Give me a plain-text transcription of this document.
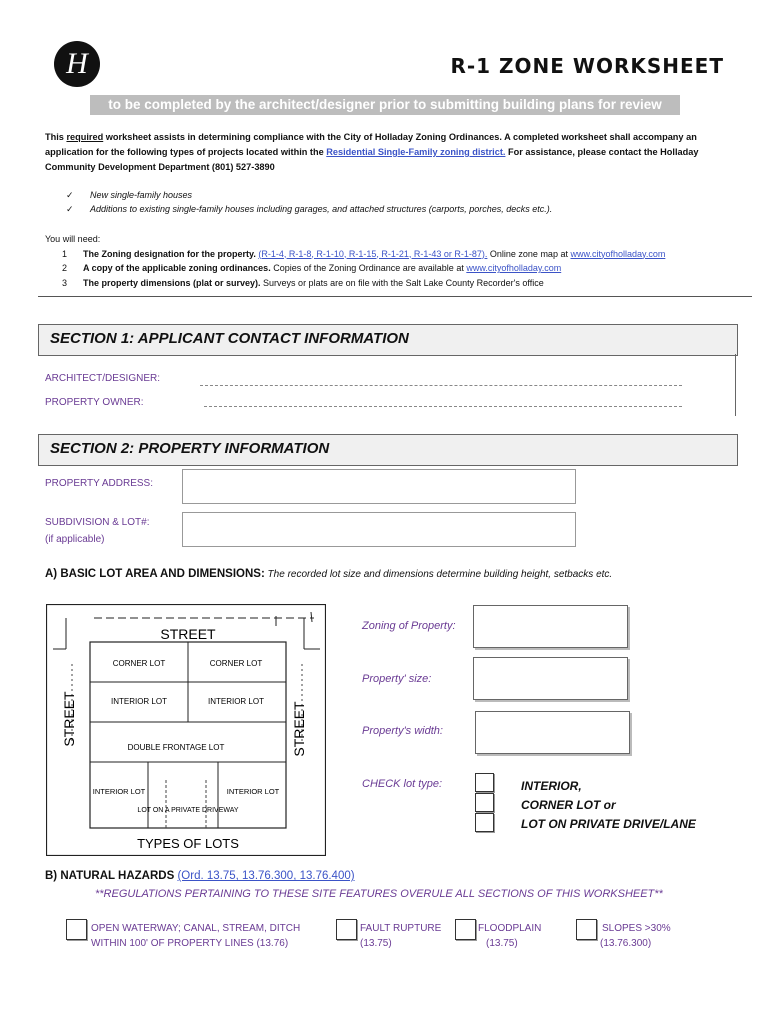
H	R-1 ZONE WORKSHEET
to be completed by the architect/designer prior to submitting building plans for review
This required worksheet assists in determining compliance with the City of Holladay Zoning Ordinances. A completed worksheet shall accompany an application for the following types of projects located within the Residential Single-Family zoning district. For assistance, please contact the Holladay Community Development Department (801) 527-3890
✓ New single-family houses
✓ Additions to existing single-family houses including garages, and attached structures (carports, porches, decks etc.).
You will need:
1 The Zoning designation for the property. (R-1-4, R-1-8, R-1-10, R-1-15, R-1-21, R-1-43 or R-1-87). Online zone map at www.cityofholladay.com
2 A copy of the applicable zoning ordinances. Copies of the Zoning Ordinance are available at www.cityofholladay.com
3 The property dimensions (plat or survey). Surveys or plats are on file with the Salt Lake County Recorder's office
SECTION 1: APPLICANT CONTACT INFORMATION
ARCHITECT/DESIGNER:
PROPERTY OWNER:
SECTION 2: PROPERTY INFORMATION
PROPERTY ADDRESS:
SUBDIVISION & LOT#:
(if applicable)
A) BASIC LOT AREA AND DIMENSIONS: The recorded lot size and dimensions determine building height, setbacks etc.
STREET
STREET	STREET
CORNER LOT	CORNER LOT
INTERIOR LOT	INTERIOR LOT
DOUBLE FRONTAGE LOT
INTERIOR LOT	INTERIOR LOT
LOT ON A PRIVATE DRIVEWAY
TYPES OF LOTS
Zoning of Property:
Property' size:
Property's width:
CHECK lot type:	INTERIOR,
CORNER LOT or
LOT ON PRIVATE DRIVE/LANE
B) NATURAL HAZARDS (Ord. 13.75, 13.76.300, 13.76.400)
**REGULATIONS PERTAINING TO THESE SITE FEATURES OVERULE ALL SECTIONS OF THIS WORKSHEET**
OPEN WATERWAY; CANAL, STREAM, DITCH
WITHIN 100' OF PROPERTY LINES (13.76)
FAULT RUPTURE
(13.75)
FLOODPLAIN
(13.75)
SLOPES >30%
(13.76.300)
